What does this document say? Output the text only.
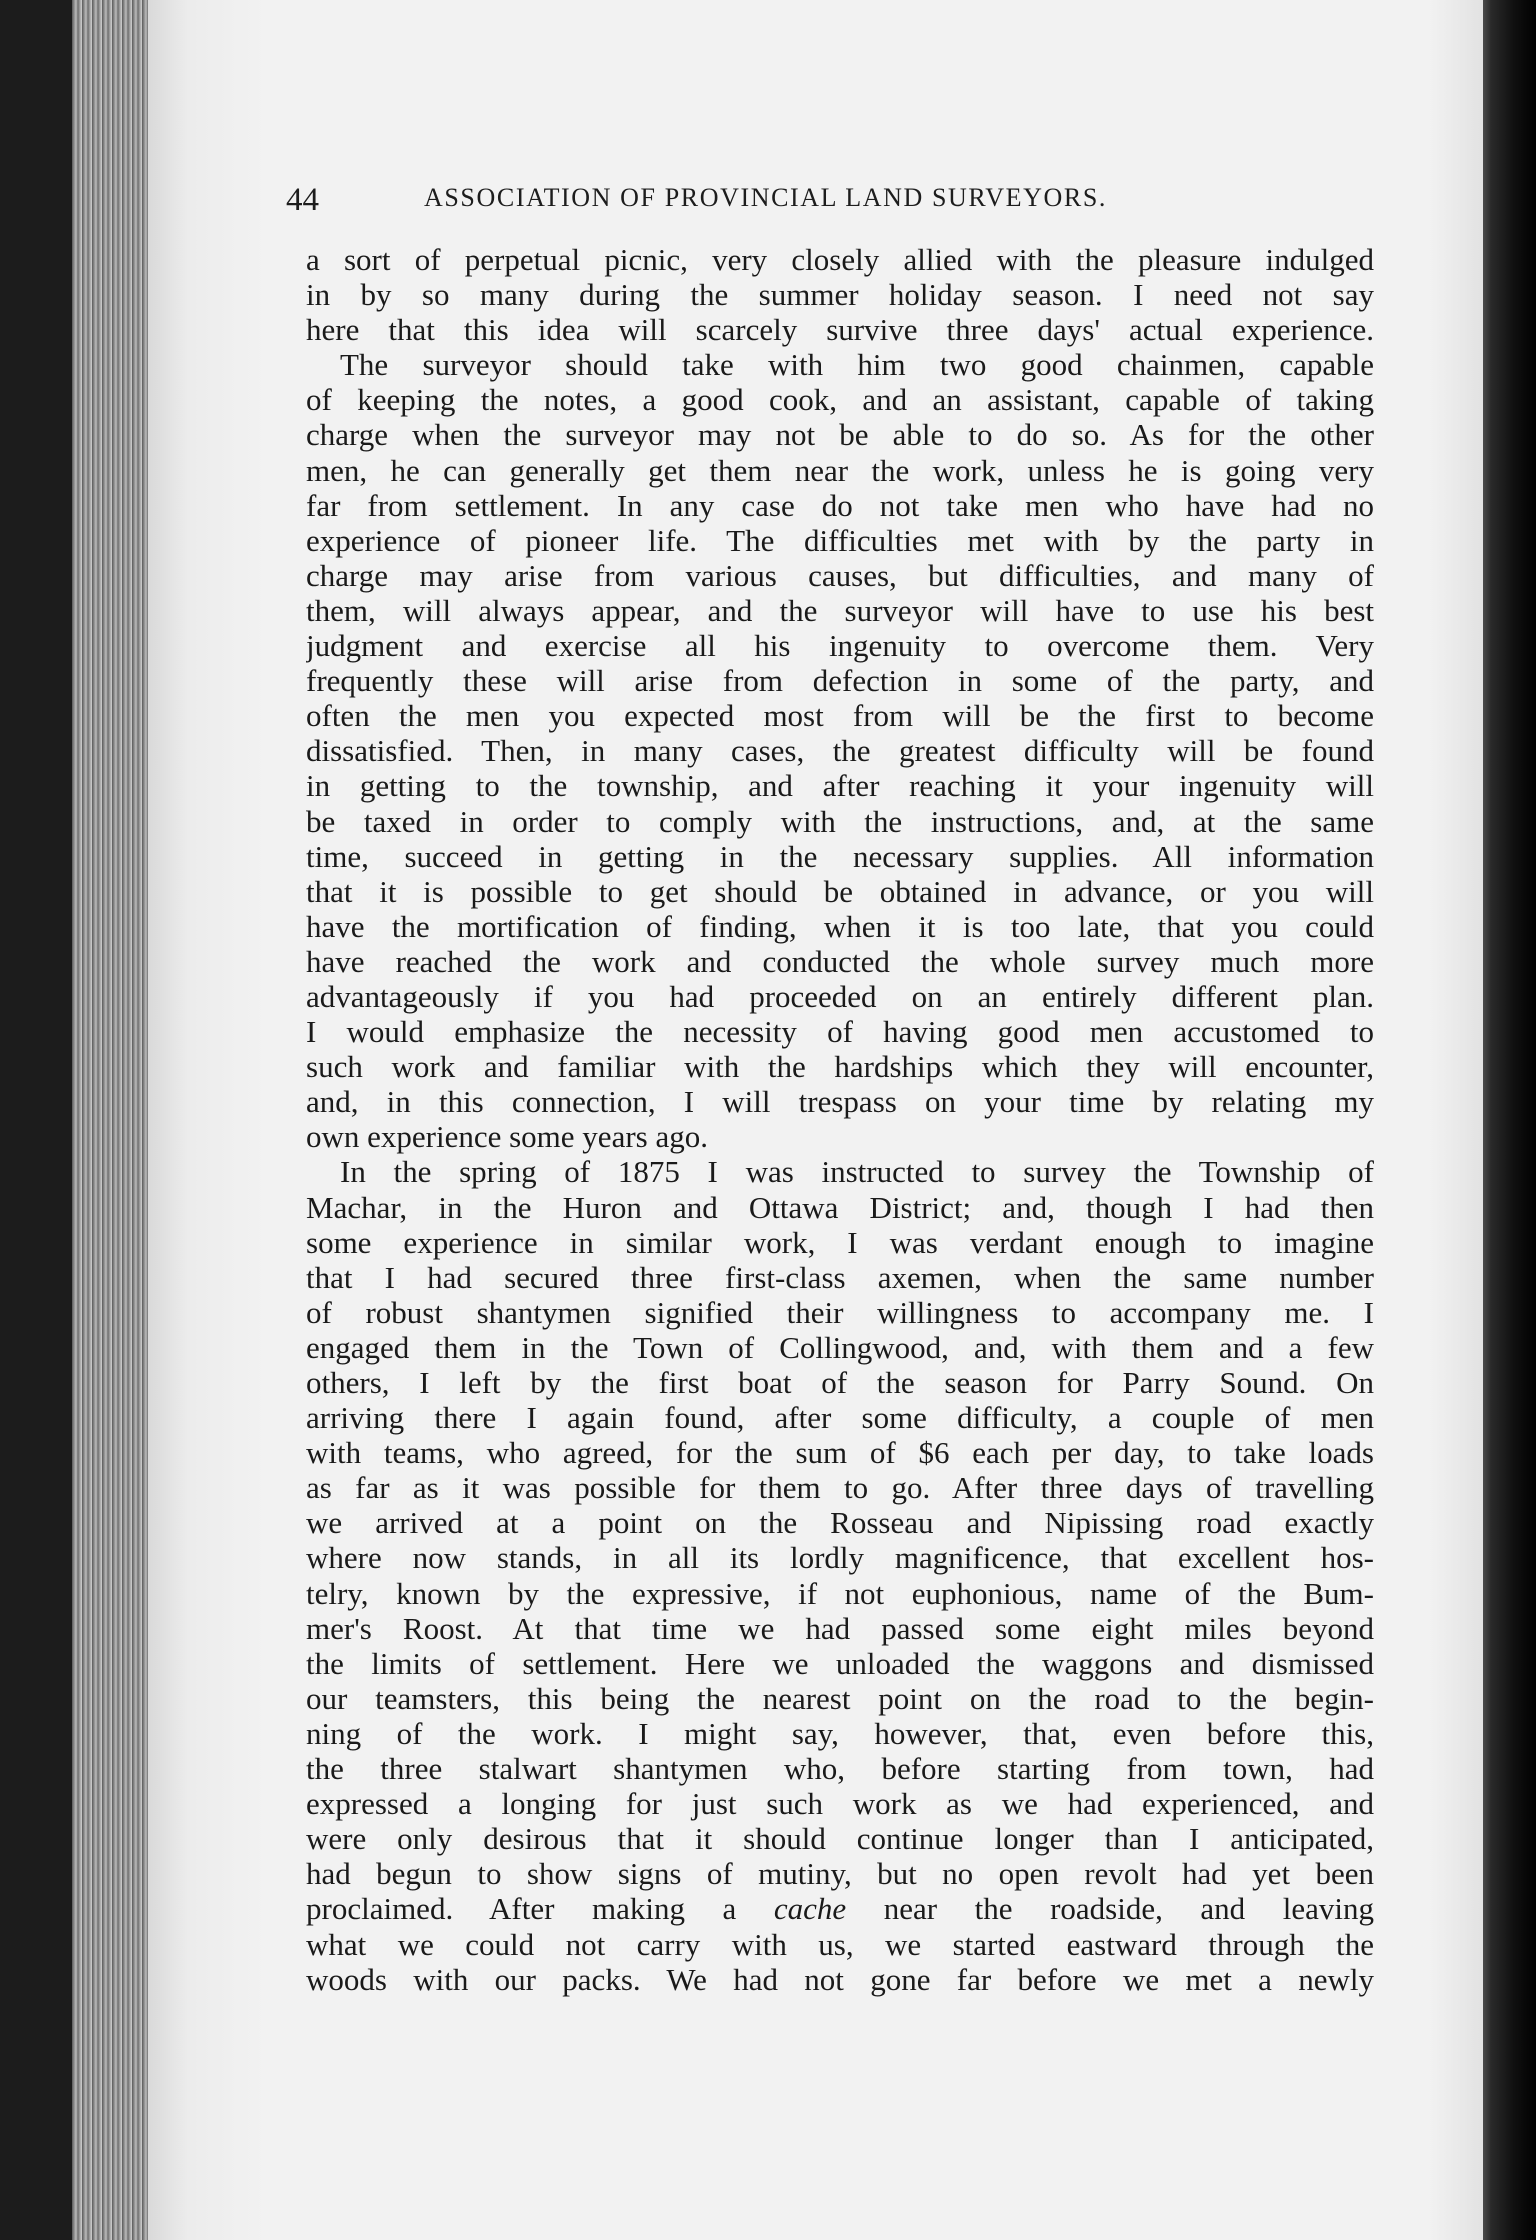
44	ASSOCIATION OF PROVINCIAL LAND SURVEYORS.
a sort of perpetual picnic, very closely allied with the pleasure indulged
in by so many during the summer holiday season. I need not say
here that this idea will scarcely survive three days' actual experience.
The surveyor should take with him two good chainmen, capable
of keeping the notes, a good cook, and an assistant, capable of taking
charge when the surveyor may not be able to do so. As for the other
men, he can generally get them near the work, unless he is going very
far from settlement. In any case do not take men who have had no
experience of pioneer life. The difficulties met with by the party in
charge may arise from various causes, but difficulties, and many of
them, will always appear, and the surveyor will have to use his best
judgment and exercise all his ingenuity to overcome them. Very
frequently these will arise from defection in some of the party, and
often the men you expected most from will be the first to become
dissatisfied. Then, in many cases, the greatest difficulty will be found
in getting to the township, and after reaching it your ingenuity will
be taxed in order to comply with the instructions, and, at the same
time, succeed in getting in the necessary supplies. All information
that it is possible to get should be obtained in advance, or you will
have the mortification of finding, when it is too late, that you could
have reached the work and conducted the whole survey much more
advantageously if you had proceeded on an entirely different plan.
I would emphasize the necessity of having good men accustomed to
such work and familiar with the hardships which they will encounter,
and, in this connection, I will trespass on your time by relating my
own experience some years ago.
In the spring of 1875 I was instructed to survey the Township of
Machar, in the Huron and Ottawa District; and, though I had then
some experience in similar work, I was verdant enough to imagine
that I had secured three first-class axemen, when the same number
of robust shantymen signified their willingness to accompany me. I
engaged them in the Town of Collingwood, and, with them and a few
others, I left by the first boat of the season for Parry Sound. On
arriving there I again found, after some difficulty, a couple of men
with teams, who agreed, for the sum of $6 each per day, to take loads
as far as it was possible for them to go. After three days of travelling
we arrived at a point on the Rosseau and Nipissing road exactly
where now stands, in all its lordly magnificence, that excellent hos-
telry, known by the expressive, if not euphonious, name of the Bum-
mer's Roost. At that time we had passed some eight miles beyond
the limits of settlement. Here we unloaded the waggons and dismissed
our teamsters, this being the nearest point on the road to the begin-
ning of the work. I might say, however, that, even before this,
the three stalwart shantymen who, before starting from town, had
expressed a longing for just such work as we had experienced, and
were only desirous that it should continue longer than I anticipated,
had begun to show signs of mutiny, but no open revolt had yet been
proclaimed. After making a cache near the roadside, and leaving
what we could not carry with us, we started eastward through the
woods with our packs. We had not gone far before we met a newly
